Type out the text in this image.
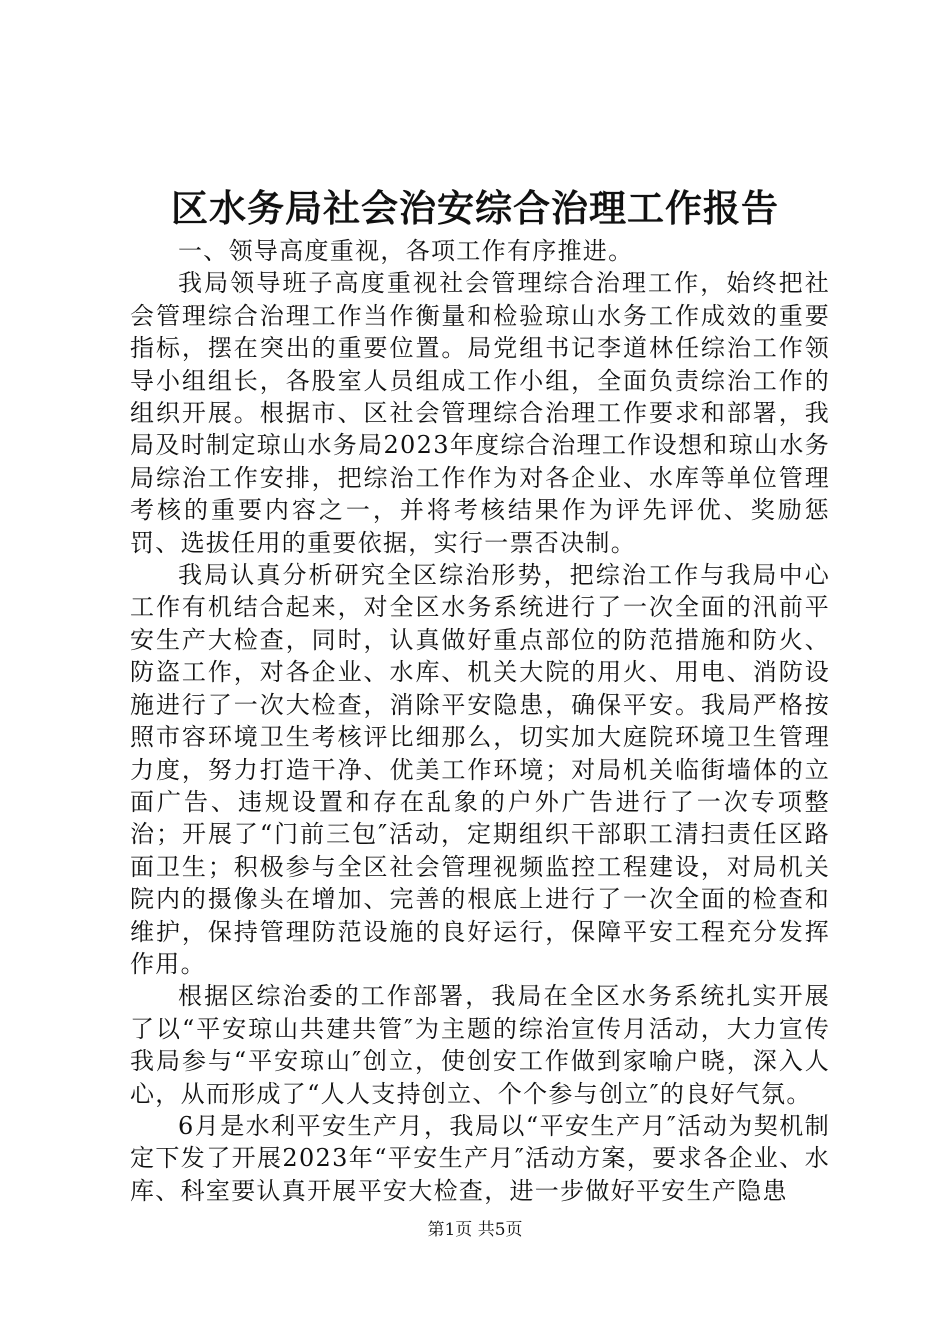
区水务局社会治安综合治理工作报告

一、领导高度重视，各项工作有序推进。

我局领导班子高度重视社会管理综合治理工作，始终把社会管理综合治理工作当作衡量和检验琼山水务工作成效的重要指标，摆在突出的重要位置。局党组书记李道林任综治工作领导小组组长，各股室人员组成工作小组，全面负责综治工作的组织开展。根据市、区社会管理综合治理工作要求和部署，我局及时制定琼山水务局2023年度综合治理工作设想和琼山水务局综治工作安排，把综治工作作为对各企业、水库等单位管理考核的重要内容之一，并将考核结果作为评先评优、奖励惩罚、选拔任用的重要依据，实行一票否决制。

我局认真分析研究全区综治形势，把综治工作与我局中心工作有机结合起来，对全区水务系统进行了一次全面的汛前平安生产大检查，同时，认真做好重点部位的防范措施和防火、防盗工作，对各企业、水库、机关大院的用火、用电、消防设施进行了一次大检查，消除平安隐患，确保平安。我局严格按照市容环境卫生考核评比细那么，切实加大庭院环境卫生管理力度，努力打造干净、优美工作环境；对局机关临街墙体的立面广告、违规设置和存在乱象的户外广告进行了一次专项整治；开展了“门前三包″活动，定期组织干部职工清扫责任区路面卫生；积极参与全区社会管理视频监控工程建设，对局机关院内的摄像头在增加、完善的根底上进行了一次全面的检查和维护，保持管理防范设施的良好运行，保障平安工程充分发挥作用。

根据区综治委的工作部署，我局在全区水务系统扎实开展了以“平安琼山共建共管″为主题的综治宣传月活动，大力宣传我局参与“平安琼山″创立，使创安工作做到家喻户晓，深入人心，从而形成了“人人支持创立、个个参与创立″的良好气氛。

6月是水利平安生产月，我局以“平安生产月″活动为契机制定下发了开展2023年“平安生产月″活动方案，要求各企业、水库、科室要认真开展平安大检查，进一步做好平安生产隐患

第1页 共5页
